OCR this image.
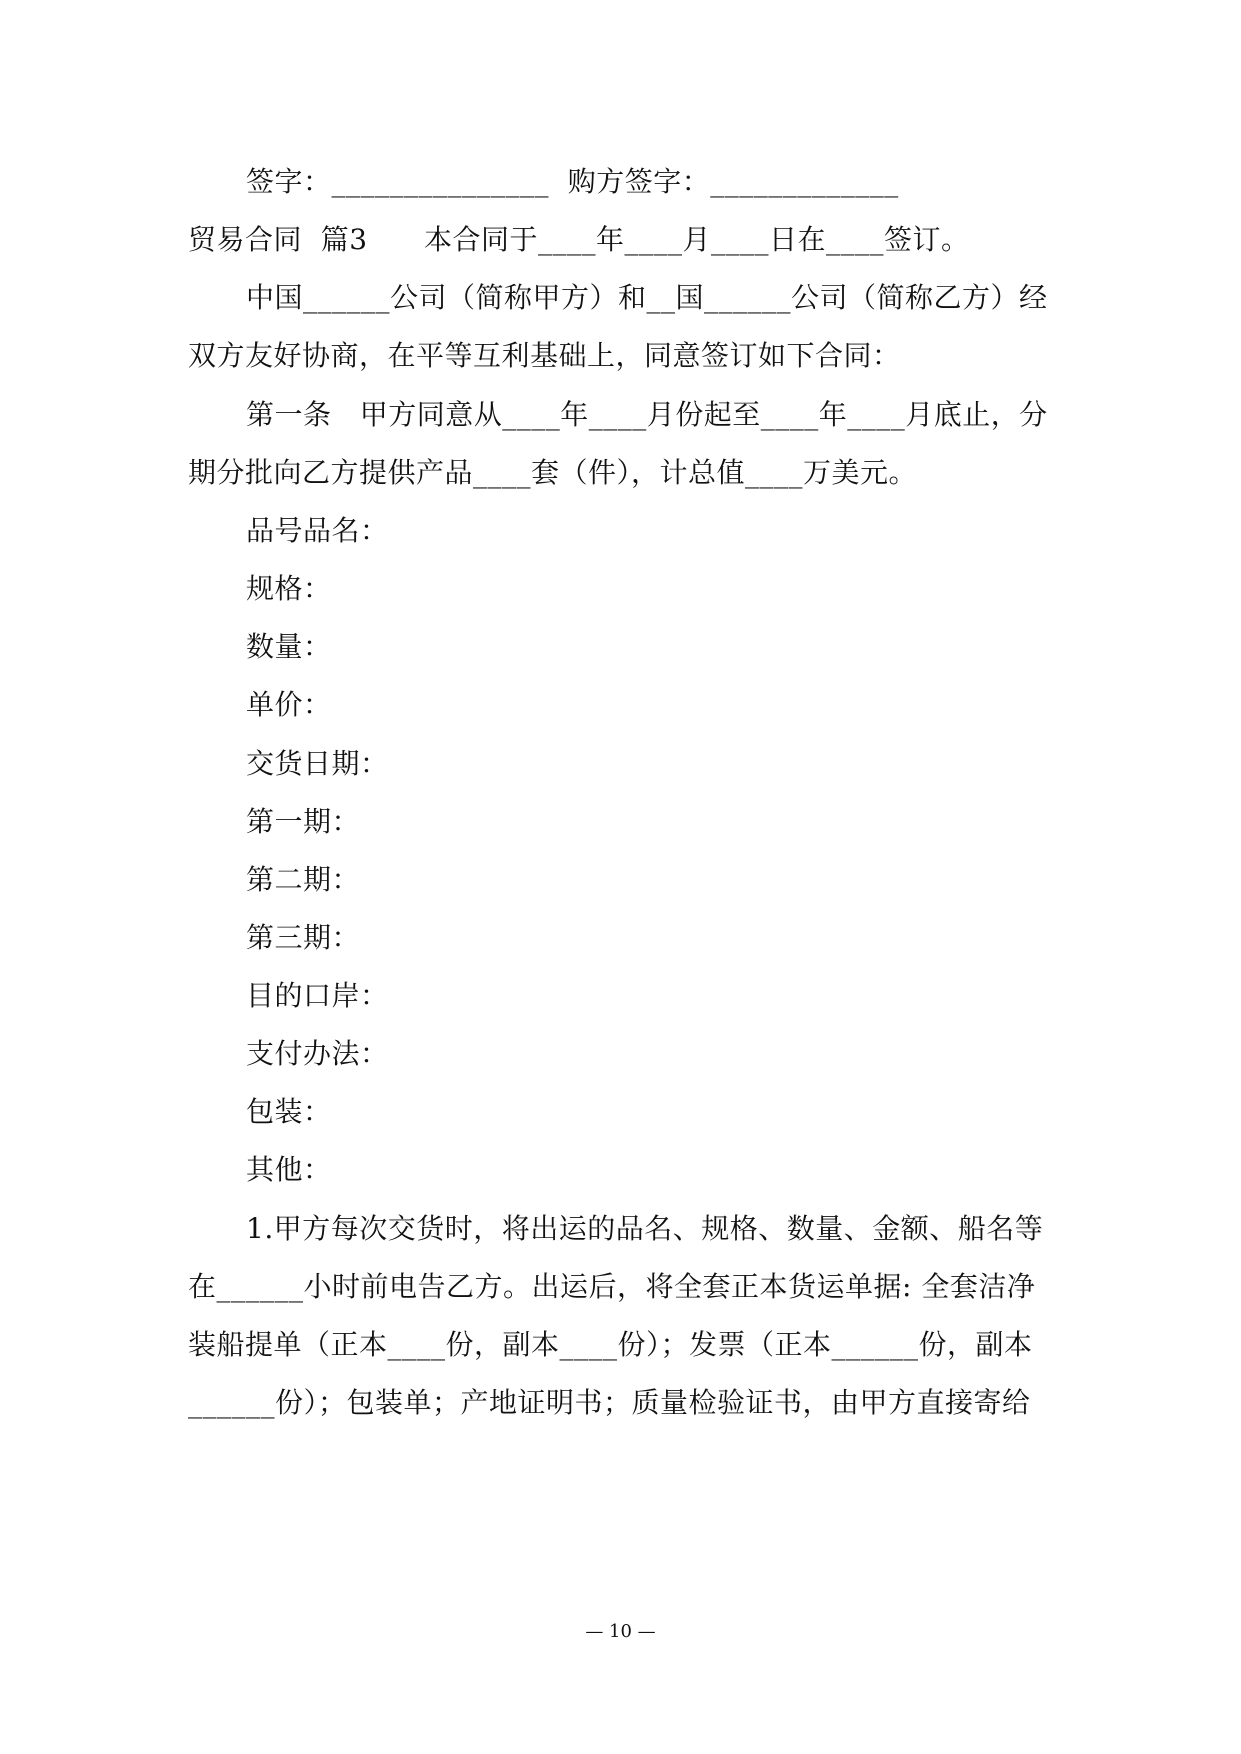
签字：_______________  购方签字：_____________
贸易合同  篇3      本合同于____年____月____日在____签订。
中国______公司（简称甲方）和__国______公司（简称乙方）经
双方友好协商，在平等互利基础上，同意签订如下合同：
第一条   甲方同意从____年____月份起至____年____月底止，分
期分批向乙方提供产品____套（件），计总值____万美元。
品号品名：
规格：
数量：
单价：
交货日期：
第一期：
第二期：
第三期：
目的口岸：
支付办法：
包装：
其他：
1.甲方每次交货时，将出运的品名、规格、数量、金额、船名等
在______小时前电告乙方。出运后，将全套正本货运单据: 全套洁净
装船提单（正本____份，副本____份）；发票（正本______份，副本
______份）；包装单；产地证明书；质量检验证书，由甲方直接寄给
— 10 —
